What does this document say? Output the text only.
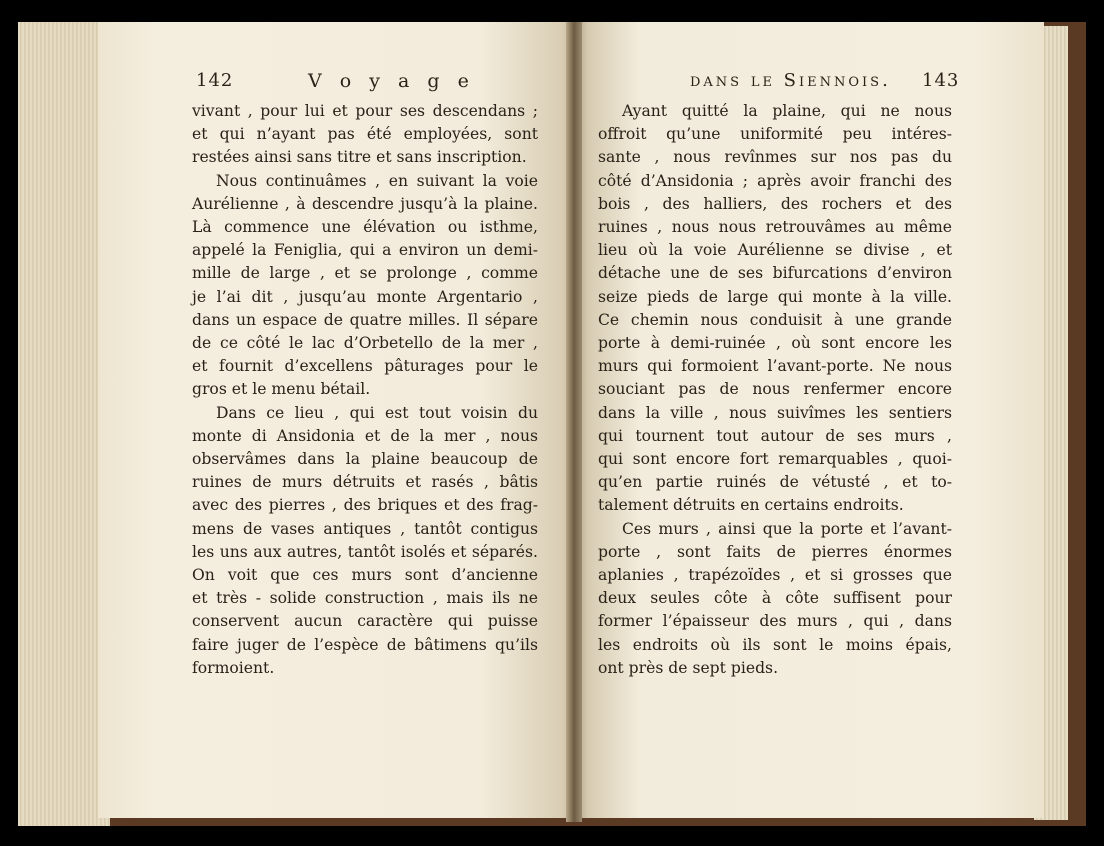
142	V o y a g e	dans le Siennois. 143
vivant , pour lui et pour ses descendans ;
et qui n’ayant pas été employées, sont
restées ainsi sans titre et sans inscription.
Nous continuâmes , en suivant la voie
Aurélienne , à descendre jusqu’à la plaine.
Là commence une élévation ou isthme,
appelé la Feniglia, qui a environ un demi-
mille de large , et se prolonge , comme
je l’ai dit , jusqu’au monte Argentario ,
dans un espace de quatre milles. Il sépare
de ce côté le lac d’Orbetello de la mer ,
et fournit d’excellens pâturages pour le
gros et le menu bétail.
Dans ce lieu , qui est tout voisin du
monte di Ansidonia et de la mer , nous
observâmes dans la plaine beaucoup de
ruines de murs détruits et rasés , bâtis
avec des pierres , des briques et des frag-
mens de vases antiques , tantôt contigus
les uns aux autres, tantôt isolés et séparés.
On voit que ces murs sont d’ancienne
et très - solide construction , mais ils ne
conservent aucun caractère qui puisse
faire juger de l’espèce de bâtimens qu’ils
formoient.
Ayant quitté la plaine, qui ne nous
offroit qu’une uniformité peu intéres-
sante , nous revînmes sur nos pas du
côté d’Ansidonia ; après avoir franchi des
bois , des halliers, des rochers et des
ruines , nous nous retrouvâmes au même
lieu où la voie Aurélienne se divise , et
détache une de ses bifurcations d’environ
seize pieds de large qui monte à la ville.
Ce chemin nous conduisit à une grande
porte à demi-ruinée , où sont encore les
murs qui formoient l’avant-porte. Ne nous
souciant pas de nous renfermer encore
dans la ville , nous suivîmes les sentiers
qui tournent tout autour de ses murs ,
qui sont encore fort remarquables , quoi-
qu’en partie ruinés de vétusté , et to-
talement détruits en certains endroits.
Ces murs , ainsi que la porte et l’avant-
porte , sont faits de pierres énormes
aplanies , trapézoïdes , et si grosses que
deux seules côte à côte suffisent pour
former l’épaisseur des murs , qui , dans
les endroits où ils sont le moins épais,
ont près de sept pieds.
